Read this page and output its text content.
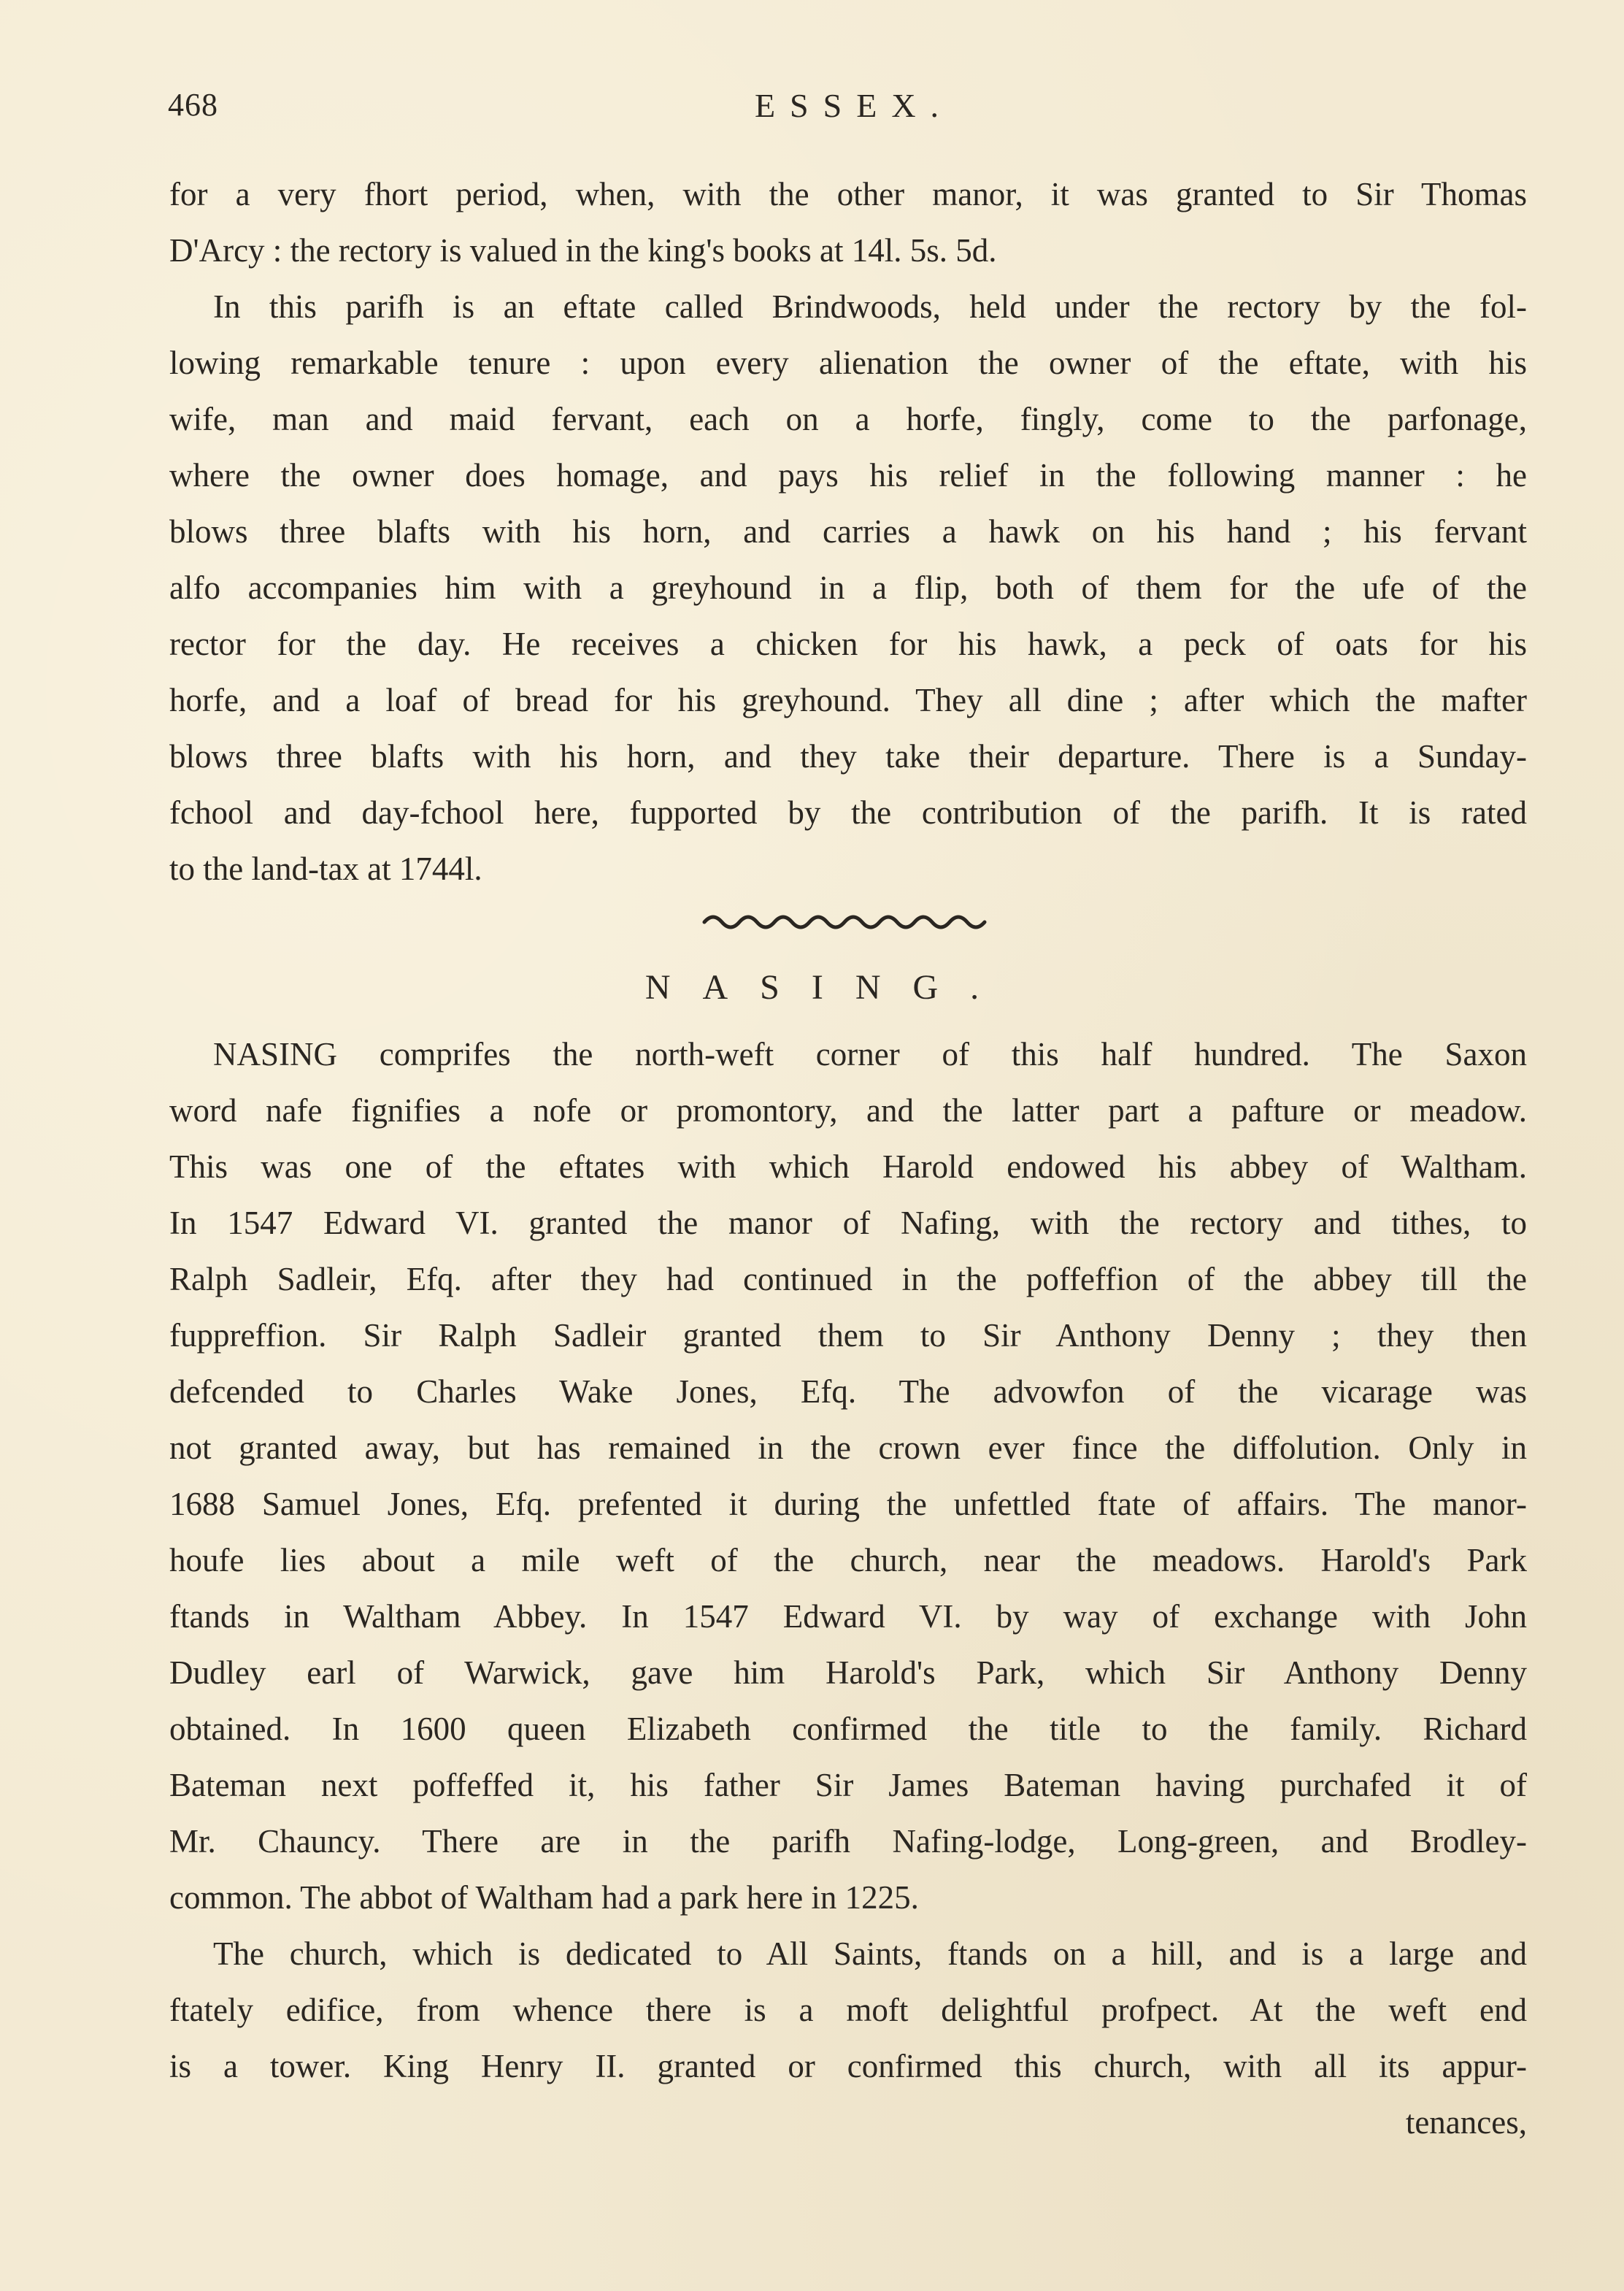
468	ESSEX.
for a very fhort period, when, with the other manor, it was granted to Sir Thomas
D'Arcy : the rectory is valued in the king's books at 14l. 5s. 5d.
In this parifh is an eftate called Brindwoods, held under the rectory by the fol-
lowing remarkable tenure : upon every alienation the owner of the eftate, with his
wife, man and maid fervant, each on a horfe, fingly, come to the parfonage,
where the owner does homage, and pays his relief in the following manner : he
blows three blafts with his horn, and carries a hawk on his hand ; his fervant
alfo accompanies him with a greyhound in a flip, both of them for the ufe of the
rector for the day. He receives a chicken for his hawk, a peck of oats for his
horfe, and a loaf of bread for his greyhound. They all dine ; after which the mafter
blows three blafts with his horn, and they take their departure. There is a Sunday-
fchool and day-fchool here, fupported by the contribution of the parifh. It is rated
to the land-tax at 1744l.
NASING.
NASING comprifes the north-weft corner of this half hundred. The Saxon
word nafe fignifies a nofe or promontory, and the latter part a pafture or meadow.
This was one of the eftates with which Harold endowed his abbey of Waltham.
In 1547 Edward VI. granted the manor of Nafing, with the rectory and tithes, to
Ralph Sadleir, Efq. after they had continued in the poffeffion of the abbey till the
fuppreffion. Sir Ralph Sadleir granted them to Sir Anthony Denny ; they then
defcended to Charles Wake Jones, Efq. The advowfon of the vicarage was
not granted away, but has remained in the crown ever fince the diffolution. Only in
1688 Samuel Jones, Efq. prefented it during the unfettled ftate of affairs. The manor-
houfe lies about a mile weft of the church, near the meadows. Harold's Park
ftands in Waltham Abbey. In 1547 Edward VI. by way of exchange with John
Dudley earl of Warwick, gave him Harold's Park, which Sir Anthony Denny
obtained. In 1600 queen Elizabeth confirmed the title to the family. Richard
Bateman next poffeffed it, his father Sir James Bateman having purchafed it of
Mr. Chauncy. There are in the parifh Nafing-lodge, Long-green, and Brodley-
common. The abbot of Waltham had a park here in 1225.
The church, which is dedicated to All Saints, ftands on a hill, and is a large and
ftately edifice, from whence there is a moft delightful profpect. At the weft end
is a tower. King Henry II. granted or confirmed this church, with all its appur-
tenances,
